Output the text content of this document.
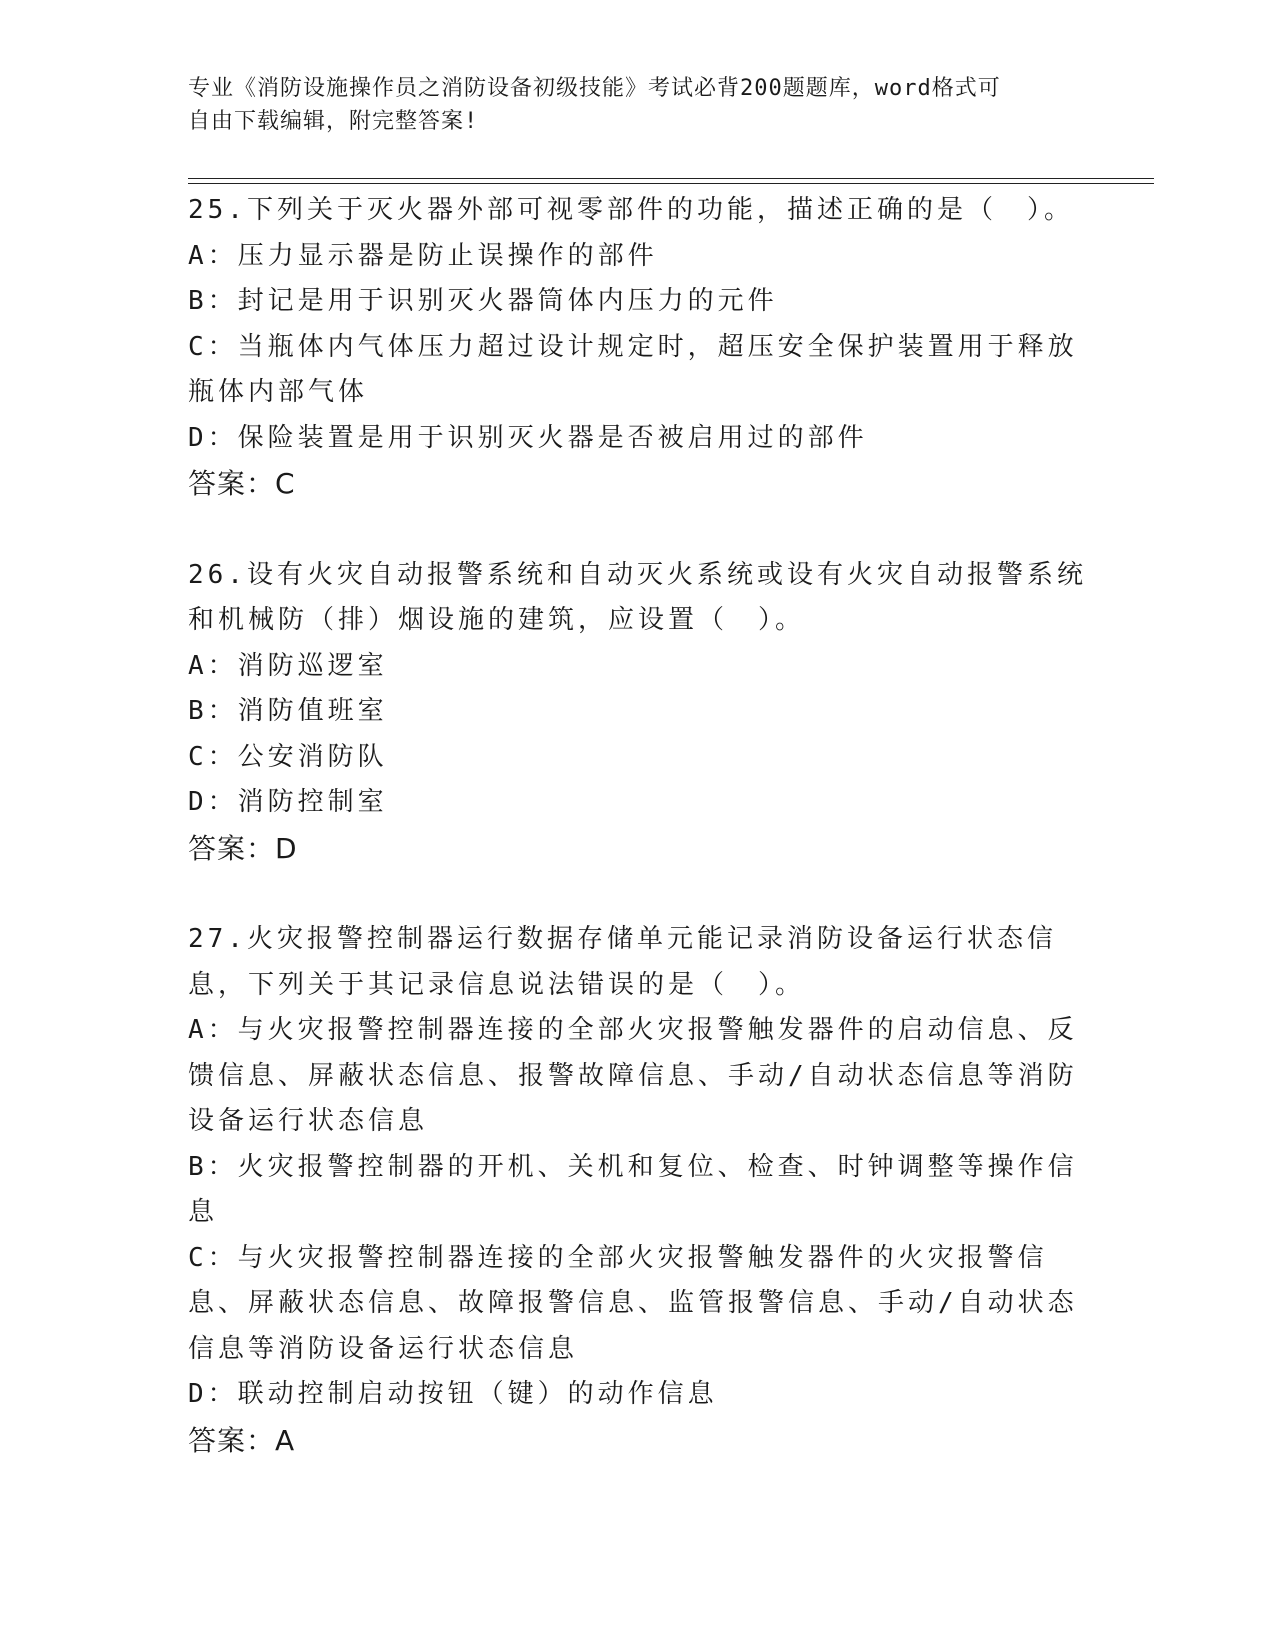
专业《消防设施操作员之消防设备初级技能》考试必背200题题库，word格式可
自由下载编辑，附完整答案!

25.下列关于灭火器外部可视零部件的功能，描述正确的是（　）。

A：压力显示器是防止误操作的部件

B：封记是用于识别灭火器筒体内压力的元件

C：当瓶体内气体压力超过设计规定时，超压安全保护装置用于释放瓶体内部气体

D：保险装置是用于识别灭火器是否被启用过的部件

答案：C

26.设有火灾自动报警系统和自动灭火系统或设有火灾自动报警系统和机械防（排）烟设施的建筑，应设置（　）。

A：消防巡逻室

B：消防值班室

C：公安消防队

D：消防控制室

答案：D

27.火灾报警控制器运行数据存储单元能记录消防设备运行状态信息，下列关于其记录信息说法错误的是（　）。

A：与火灾报警控制器连接的全部火灾报警触发器件的启动信息、反馈信息、屏蔽状态信息、报警故障信息、手动/自动状态信息等消防设备运行状态信息

B：火灾报警控制器的开机、关机和复位、检查、时钟调整等操作信息

C：与火灾报警控制器连接的全部火灾报警触发器件的火灾报警信息、屏蔽状态信息、故障报警信息、监管报警信息、手动/自动状态信息等消防设备运行状态信息

D：联动控制启动按钮（键）的动作信息

答案：A
